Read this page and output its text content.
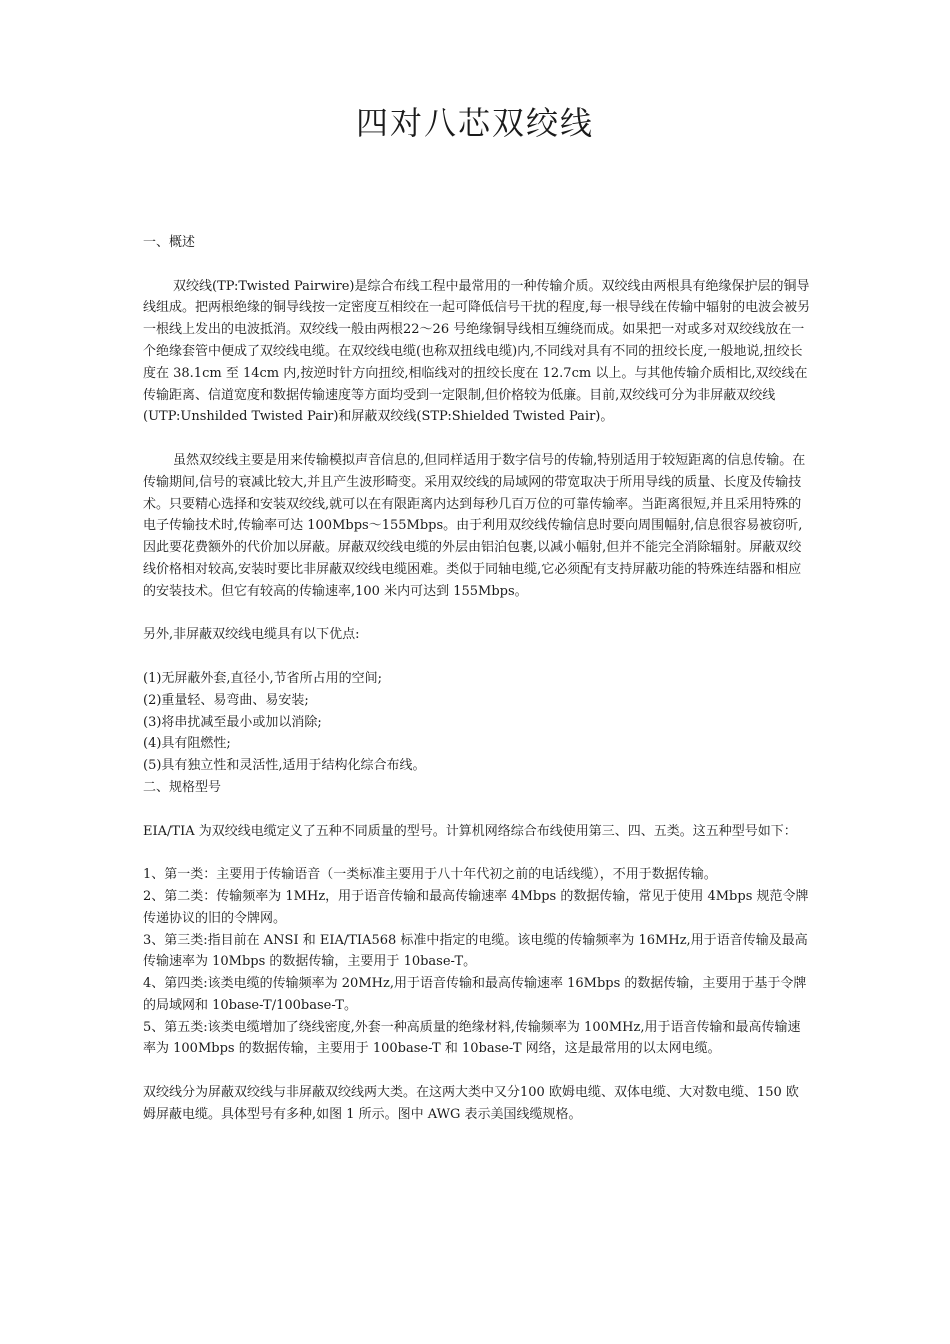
四对八芯双绞线

一、概述

双绞线(TP:Twisted Pairwire)是综合布线工程中最常用的一种传输介质。双绞线由两根具有绝缘保护层的铜导线组成。把两根绝缘的铜导线按一定密度互相绞在一起可降低信号干扰的程度,每一根导线在传输中辐射的电波会被另一根线上发出的电波抵消。双绞线一般由两根22～26 号绝缘铜导线相互缠绕而成。如果把一对或多对双绞线放在一个绝缘套管中便成了双绞线电缆。在双绞线电缆(也称双扭线电缆)内,不同线对具有不同的扭绞长度,一般地说,扭绞长度在 38.1cm 至 14cm 内,按逆时针方向扭绞,相临线对的扭绞长度在 12.7cm 以上。与其他传输介质相比,双绞线在传输距离、信道宽度和数据传输速度等方面均受到一定限制,但价格较为低廉。目前,双绞线可分为非屏蔽双绞线(UTP:Unshilded Twisted Pair)和屏蔽双绞线(STP:Shielded Twisted Pair)。

虽然双绞线主要是用来传输模拟声音信息的,但同样适用于数字信号的传输,特别适用于较短距离的信息传输。在传输期间,信号的衰减比较大,并且产生波形畸变。采用双绞线的局域网的带宽取决于所用导线的质量、长度及传输技术。只要精心选择和安装双绞线,就可以在有限距离内达到每秒几百万位的可靠传输率。当距离很短,并且采用特殊的电子传输技术时,传输率可达 100Mbps～155Mbps。由于利用双绞线传输信息时要向周围幅射,信息很容易被窃听,因此要花费额外的代价加以屏蔽。屏蔽双绞线电缆的外层由铝泊包裹,以减小幅射,但并不能完全消除辐射。屏蔽双绞线价格相对较高,安装时要比非屏蔽双绞线电缆困难。类似于同轴电缆,它必须配有支持屏蔽功能的特殊连结器和相应的安装技术。但它有较高的传输速率,100 米内可达到 155Mbps。

另外,非屏蔽双绞线电缆具有以下优点:

(1)无屏蔽外套,直径小,节省所占用的空间;

(2)重量轻、易弯曲、易安装;

(3)将串扰减至最小或加以消除;

(4)具有阻燃性;

(5)具有独立性和灵活性,适用于结构化综合布线。

二、规格型号

EIA/TIA 为双绞线电缆定义了五种不同质量的型号。计算机网络综合布线使用第三、四、五类。这五种型号如下：

1、第一类：主要用于传输语音（一类标准主要用于八十年代初之前的电话线缆），不用于数据传输。

2、第二类：传输频率为 1MHz，用于语音传输和最高传输速率 4Mbps 的数据传输，常见于使用 4Mbps 规范令牌传递协议的旧的令牌网。

3、第三类:指目前在 ANSI 和 EIA/TIA568 标准中指定的电缆。该电缆的传输频率为 16MHz,用于语音传输及最高传输速率为 10Mbps 的数据传输，主要用于 10base-T。

4、第四类:该类电缆的传输频率为 20MHz,用于语音传输和最高传输速率 16Mbps 的数据传输，主要用于基于令牌的局域网和 10base-T/100base-T。

5、第五类:该类电缆增加了绕线密度,外套一种高质量的绝缘材料,传输频率为 100MHz,用于语音传输和最高传输速率为 100Mbps 的数据传输，主要用于 100base-T 和 10base-T 网络，这是最常用的以太网电缆。

双绞线分为屏蔽双绞线与非屏蔽双绞线两大类。在这两大类中又分100 欧姆电缆、双体电缆、大对数电缆、150 欧姆屏蔽电缆。具体型号有多种,如图 1 所示。图中 AWG 表示美国线缆规格。
